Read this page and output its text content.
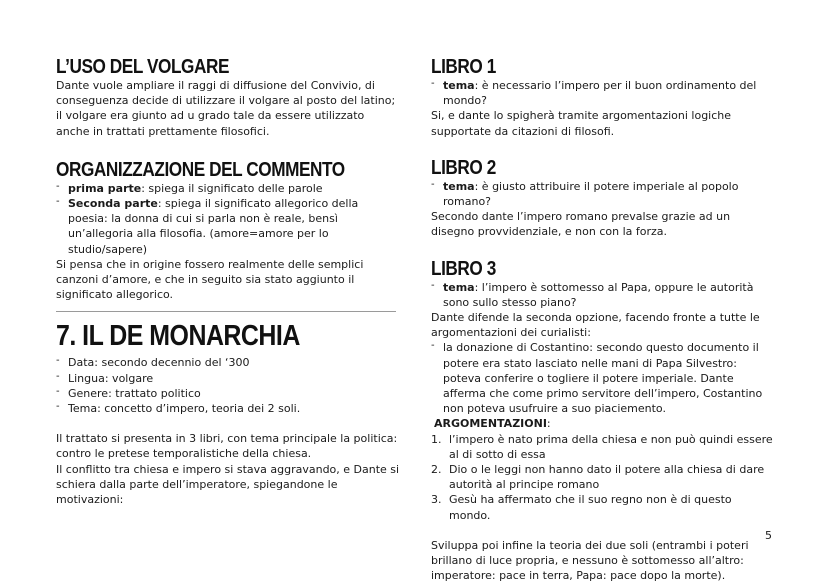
L’USO DEL VOLGARE

Dante vuole ampliare il raggi di diffusione del Convivio, di conseguenza decide di utilizzare il volgare al posto del latino; il volgare era giunto ad u grado tale da essere utilizzato anche in trattati prettamente filosofici.

ORGANIZZAZIONE DEL COMMENTO
- prima parte: spiega il significato delle parole
- Seconda parte: spiega il significato allegorico della poesia: la donna di cui si parla non è reale, bensì un’allegoria alla filosofia. (amore=amore per lo studio/sapere)

Si pensa che in origine fossero realmente delle semplici canzoni d’amore, e che in seguito sia stato aggiunto il significato allegorico.

7. IL DE MONARCHIA
- Data: secondo decennio del ‘300
- Lingua: volgare
- Genere: trattato politico
- Tema: concetto d’impero, teoria dei 2 soli.

Il trattato si presenta in 3 libri, con tema principale la politica: contro le pretese temporalistiche della chiesa.

Il conflitto tra chiesa e impero si stava aggravando, e Dante si schiera dalla parte dell’imperatore, spiegandone le motivazioni:

LIBRO 1
- tema: è necessario l’impero per il buon ordinamento del mondo?

Si, e dante lo spigherà tramite argomentazioni logiche supportate da citazioni di filosofi.

LIBRO 2
- tema: è giusto attribuire il potere imperiale al popolo romano?

Secondo dante l’impero romano prevalse grazie ad un disegno provvidenziale, e non con la forza.

LIBRO 3
- tema: l’impero è sottomesso al Papa, oppure le autorità sono sullo stesso piano?

Dante difende la seconda opzione, facendo fronte a tutte le argomentazioni dei curialisti:

- la donazione di Costantino: secondo questo documento il potere era stato lasciato nelle mani di Papa Silvestro: poteva conferire o togliere il potere imperiale. Dante afferma che come primo servitore dell’impero, Costantino non poteva usufruire a suo piaciemento.

ARGOMENTAZIONI:

1. l’impero è nato prima della chiesa e non può quindi essere al di sotto di essa
2. Dio o le leggi non hanno dato il potere alla chiesa di dare autorità al principe romano
3. Gesù ha affermato che il suo regno non è di questo mondo.

Sviluppa poi infine la teoria dei due soli (entrambi i poteri brillano di luce propria, e nessuno è sottomesso all’altro: imperatore: pace in terra, Papa: pace dopo la morte).

5
